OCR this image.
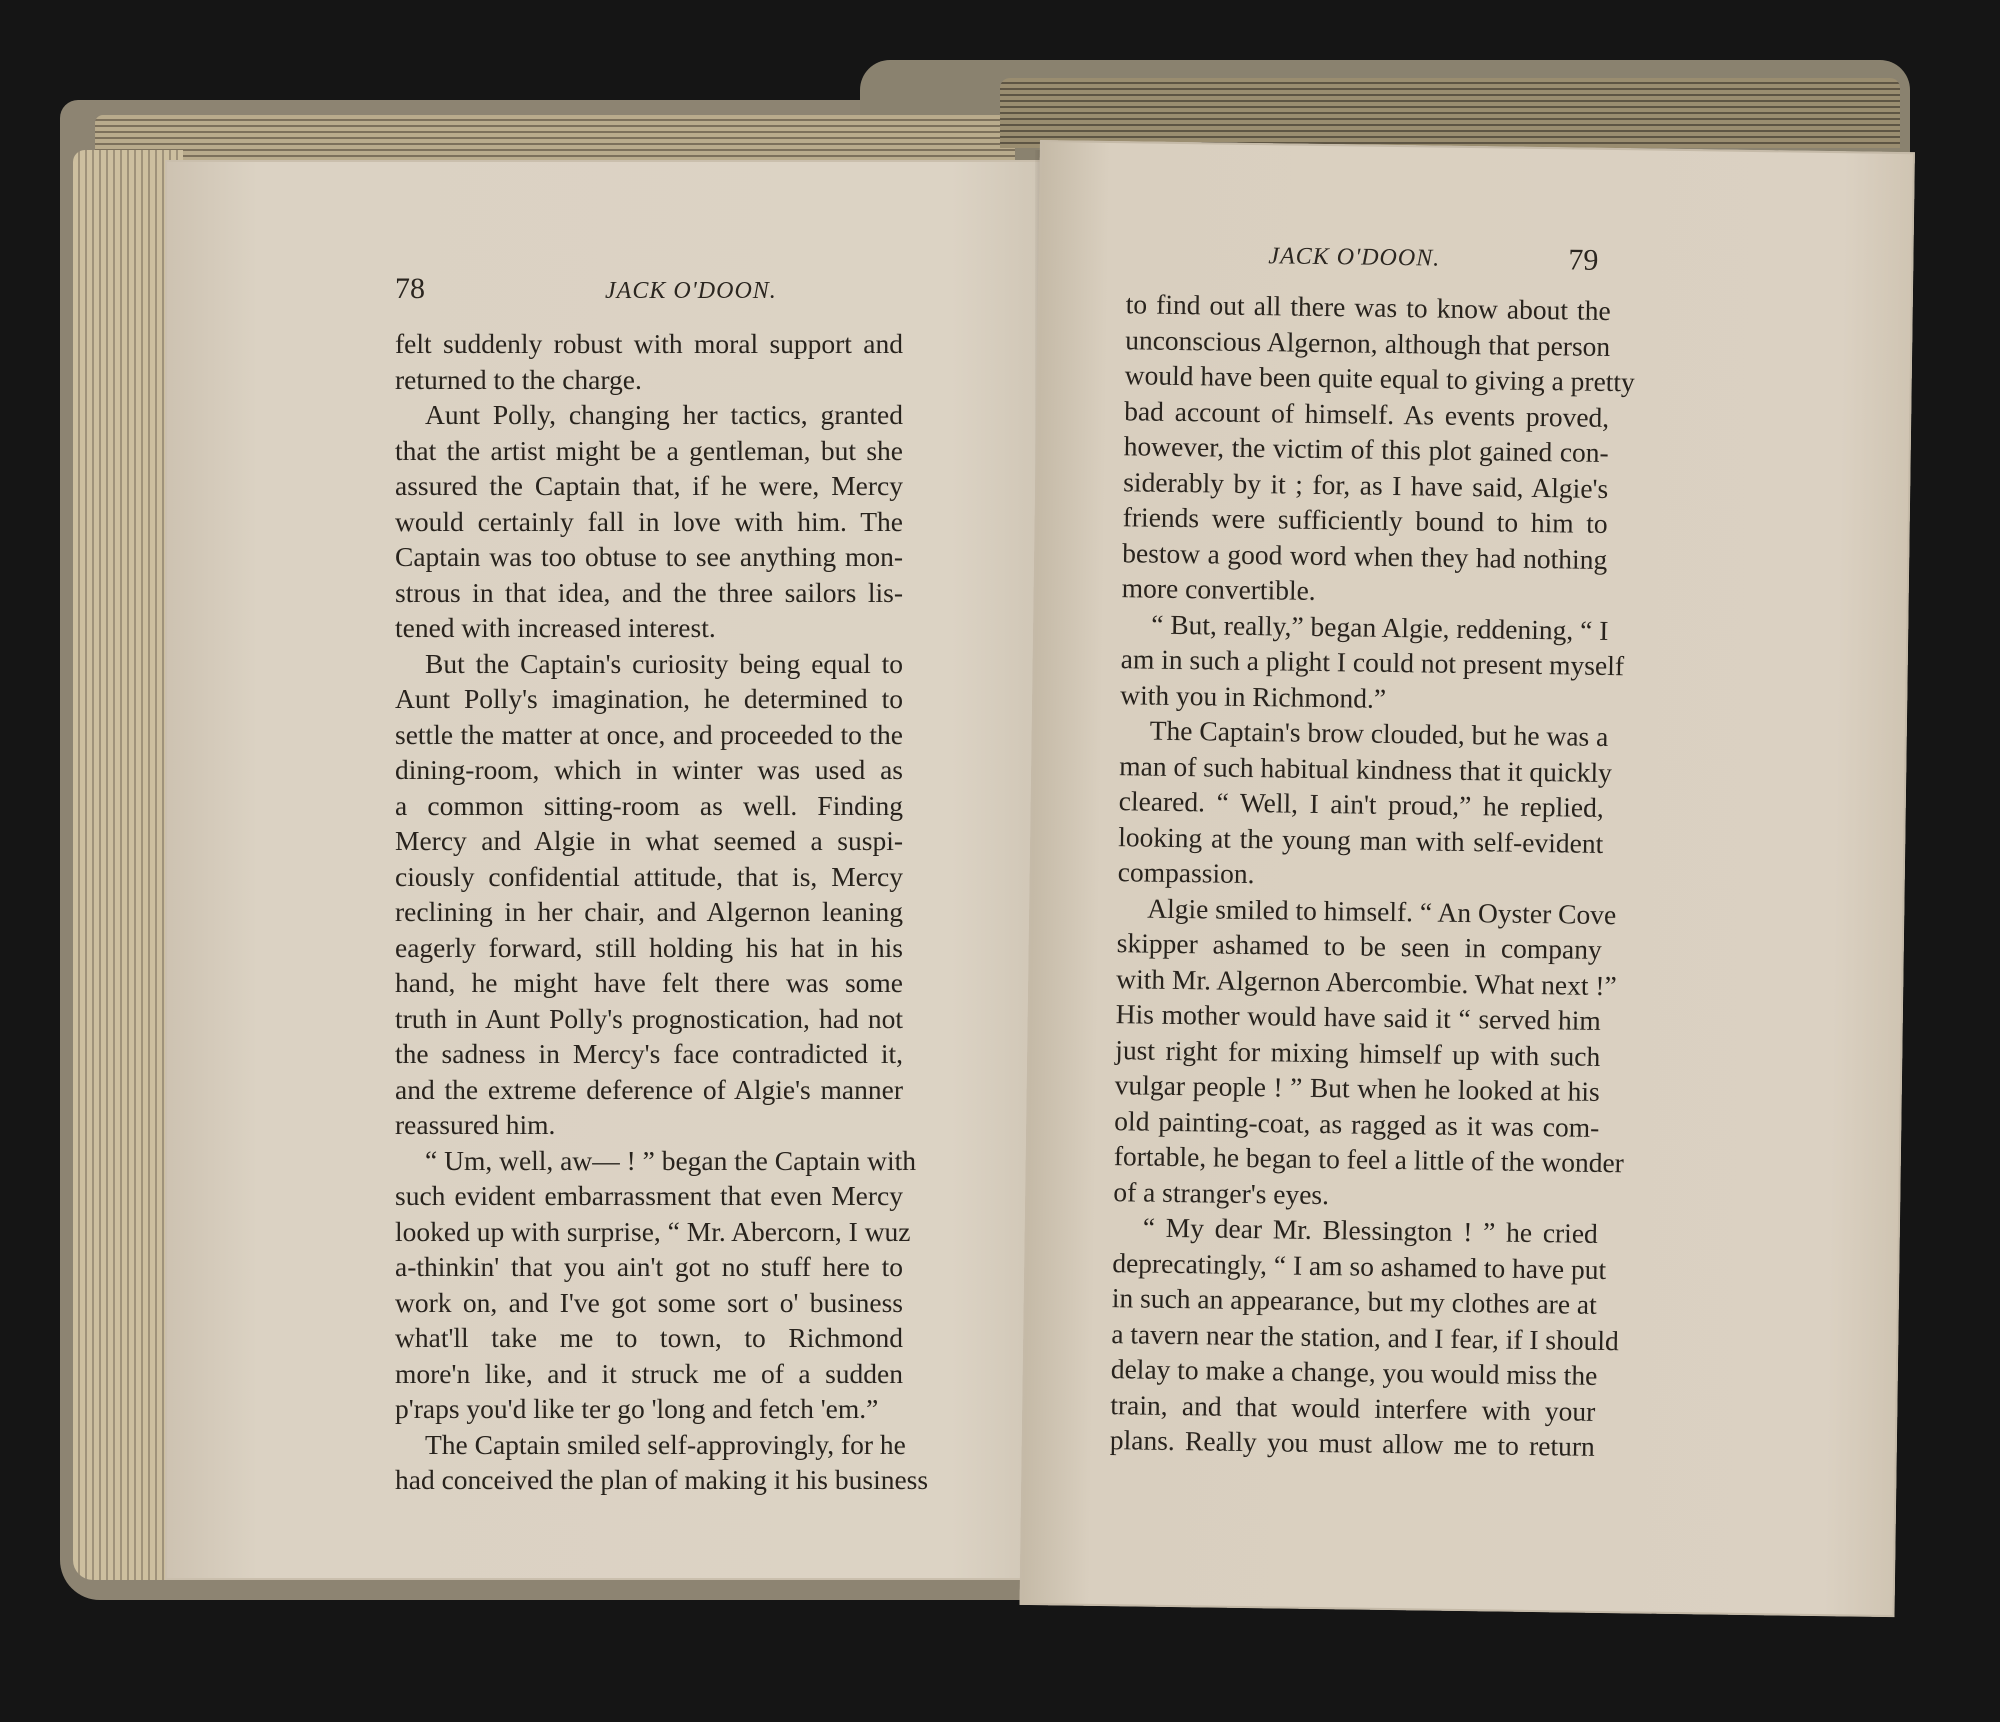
78	JACK O'DOON.
felt suddenly robust with moral support and
returned to the charge.
Aunt Polly, changing her tactics, granted
that the artist might be a gentleman, but she
assured the Captain that, if he were, Mercy
would certainly fall in love with him. The
Captain was too obtuse to see anything mon-
strous in that idea, and the three sailors lis-
tened with increased interest.
But the Captain's curiosity being equal to
Aunt Polly's imagination, he determined to
settle the matter at once, and proceeded to the
dining-room, which in winter was used as
a common sitting-room as well. Finding
Mercy and Algie in what seemed a suspi-
ciously confidential attitude, that is, Mercy
reclining in her chair, and Algernon leaning
eagerly forward, still holding his hat in his
hand, he might have felt there was some
truth in Aunt Polly's prognostication, had not
the sadness in Mercy's face contradicted it,
and the extreme deference of Algie's manner
reassured him.
“ Um, well, aw— ! ” began the Captain with
such evident embarrassment that even Mercy
looked up with surprise, “ Mr. Abercorn, I wuz
a-thinkin' that you ain't got no stuff here to
work on, and I've got some sort o' business
what'll take me to town, to Richmond
more'n like, and it struck me of a sudden
p'raps you'd like ter go 'long and fetch 'em.”
The Captain smiled self-approvingly, for he
had conceived the plan of making it his business
JACK O'DOON.	79
to find out all there was to know about the
unconscious Algernon, although that person
would have been quite equal to giving a pretty
bad account of himself. As events proved,
however, the victim of this plot gained con-
siderably by it ; for, as I have said, Algie's
friends were sufficiently bound to him to
bestow a good word when they had nothing
more convertible.
“ But, really,” began Algie, reddening, “ I
am in such a plight I could not present myself
with you in Richmond.”
The Captain's brow clouded, but he was a
man of such habitual kindness that it quickly
cleared. “ Well, I ain't proud,” he replied,
looking at the young man with self-evident
compassion.
Algie smiled to himself. “ An Oyster Cove
skipper ashamed to be seen in company
with Mr. Algernon Abercombie. What next !”
His mother would have said it “ served him
just right for mixing himself up with such
vulgar people ! ” But when he looked at his
old painting-coat, as ragged as it was com-
fortable, he began to feel a little of the wonder
of a stranger's eyes.
“ My dear Mr. Blessington ! ” he cried
deprecatingly, “ I am so ashamed to have put
in such an appearance, but my clothes are at
a tavern near the station, and I fear, if I should
delay to make a change, you would miss the
train, and that would interfere with your
plans. Really you must allow me to return
